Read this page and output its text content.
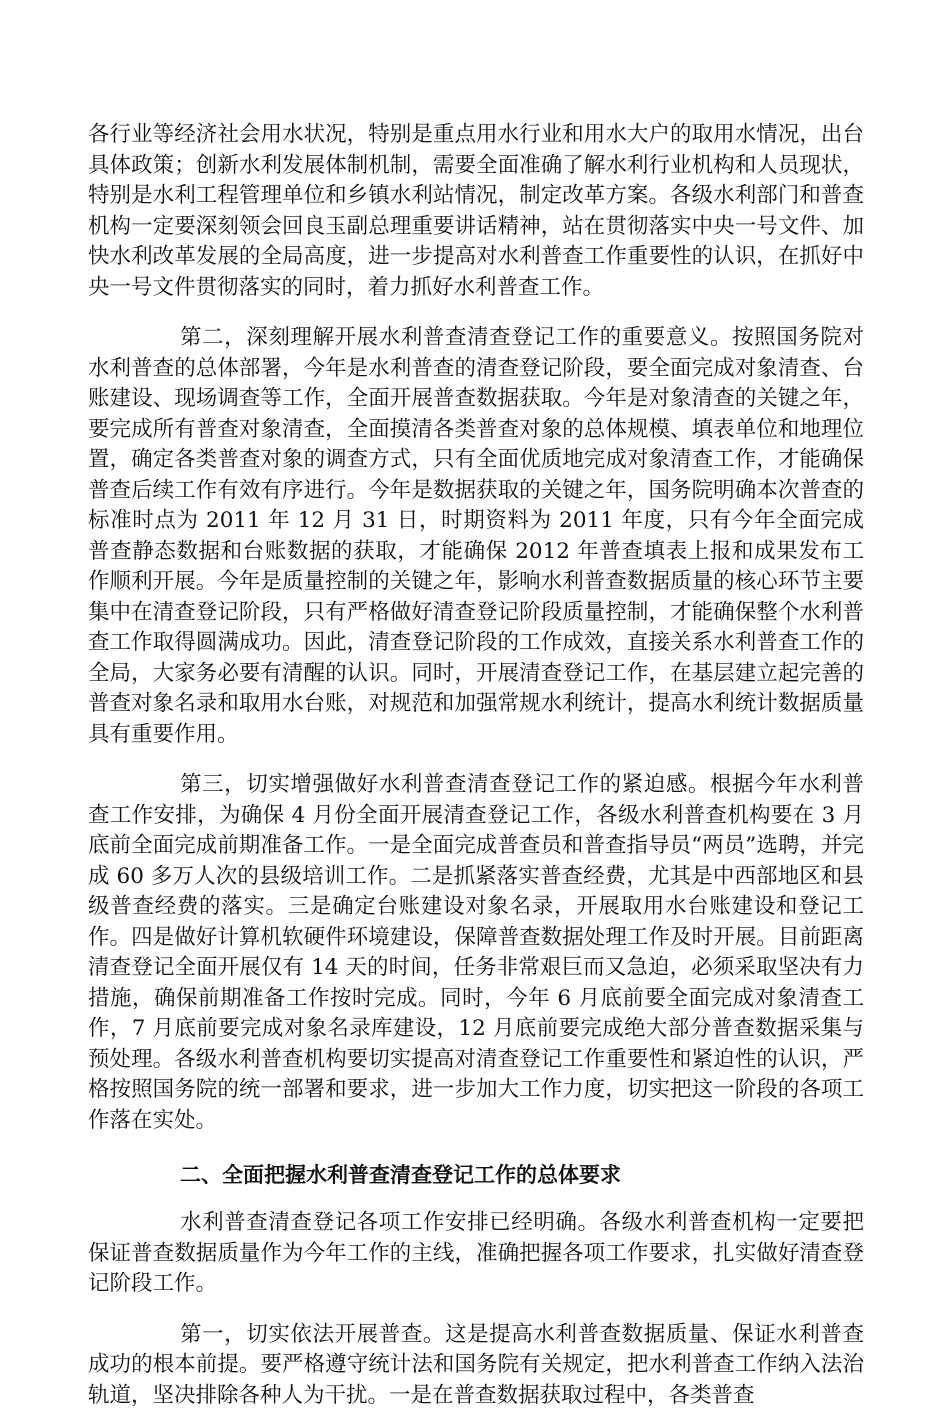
各行业等经济社会用水状况，特别是重点用水行业和用水大户的取用水情况，出台具体政策；创新水利发展体制机制，需要全面准确了解水利行业机构和人员现状，特别是水利工程管理单位和乡镇水利站情况，制定改革方案。各级水利部门和普查机构一定要深刻领会回良玉副总理重要讲话精神，站在贯彻落实中央一号文件、加快水利改革发展的全局高度，进一步提高对水利普查工作重要性的认识，在抓好中央一号文件贯彻落实的同时，着力抓好水利普查工作。

第二，深刻理解开展水利普查清查登记工作的重要意义。按照国务院对水利普查的总体部署，今年是水利普查的清查登记阶段，要全面完成对象清查、台账建设、现场调查等工作，全面开展普查数据获取。今年是对象清查的关键之年，要完成所有普查对象清查，全面摸清各类普查对象的总体规模、填表单位和地理位置，确定各类普查对象的调查方式，只有全面优质地完成对象清查工作，才能确保普查后续工作有效有序进行。今年是数据获取的关键之年，国务院明确本次普查的标准时点为 2011 年 12 月 31 日，时期资料为 2011 年度，只有今年全面完成普查静态数据和台账数据的获取，才能确保 2012 年普查填表上报和成果发布工作顺利开展。今年是质量控制的关键之年，影响水利普查数据质量的核心环节主要集中在清查登记阶段，只有严格做好清查登记阶段质量控制，才能确保整个水利普查工作取得圆满成功。因此，清查登记阶段的工作成效，直接关系水利普查工作的全局，大家务必要有清醒的认识。同时，开展清查登记工作，在基层建立起完善的普查对象名录和取用水台账，对规范和加强常规水利统计，提高水利统计数据质量具有重要作用。

第三，切实增强做好水利普查清查登记工作的紧迫感。根据今年水利普查工作安排，为确保 4 月份全面开展清查登记工作，各级水利普查机构要在 3 月底前全面完成前期准备工作。一是全面完成普查员和普查指导员“两员”选聘，并完成 60 多万人次的县级培训工作。二是抓紧落实普查经费，尤其是中西部地区和县级普查经费的落实。三是确定台账建设对象名录，开展取用水台账建设和登记工作。四是做好计算机软硬件环境建设，保障普查数据处理工作及时开展。目前距离清查登记全面开展仅有 14 天的时间，任务非常艰巨而又急迫，必须采取坚决有力措施，确保前期准备工作按时完成。同时，今年 6 月底前要全面完成对象清查工作，7 月底前要完成对象名录库建设，12 月底前要完成绝大部分普查数据采集与预处理。各级水利普查机构要切实提高对清查登记工作重要性和紧迫性的认识，严格按照国务院的统一部署和要求，进一步加大工作力度，切实把这一阶段的各项工作落在实处。

二、全面把握水利普查清查登记工作的总体要求

水利普查清查登记各项工作安排已经明确。各级水利普查机构一定要把保证普查数据质量作为今年工作的主线，准确把握各项工作要求，扎实做好清查登记阶段工作。

第一，切实依法开展普查。这是提高水利普查数据质量、保证水利普查成功的根本前提。要严格遵守统计法和国务院有关规定，把水利普查工作纳入法治轨道，坚决排除各种人为干扰。一是在普查数据获取过程中，各类普查
